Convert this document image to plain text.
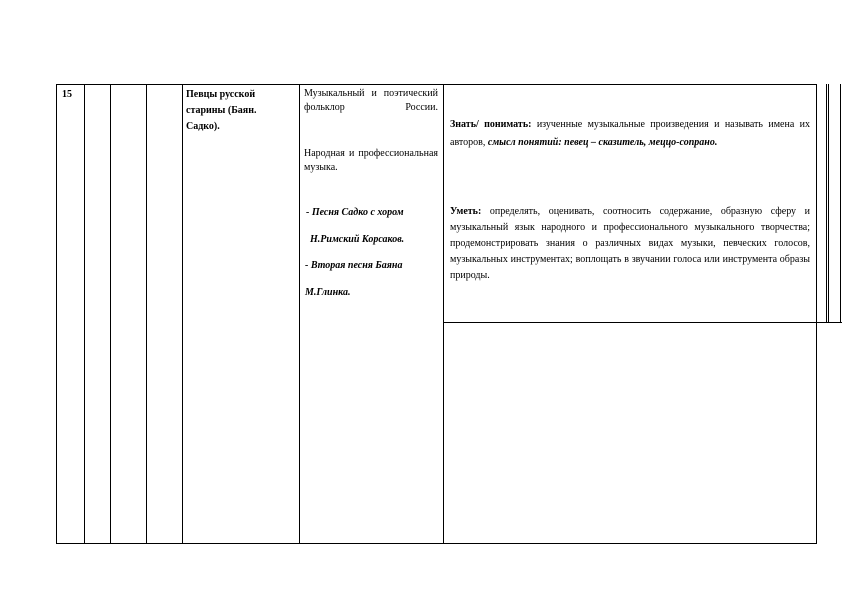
15	Певцы русской старины (Баян. Садко).
Музыкальный и поэтический фольклор России.
Народная и профессиональная музыка.
- Песня Садко с хором
Н.Римский Корсаков.
- Вторая песня Баяна
М.Глинка.

Знать/ понимать: изученные музыкальные произведения и называть имена их авторов, смысл понятий: певец – сказитель, меццо-сопрано.

Уметь: определять, оценивать, соотносить содержание, образную сферу и музыкальный язык народного и профессионального музыкального творчества; продемонстрировать знания о различных видах музыки, певческих голосов, музыкальных инструментах; воплощать в звучании голоса или инструмента образы природы.
